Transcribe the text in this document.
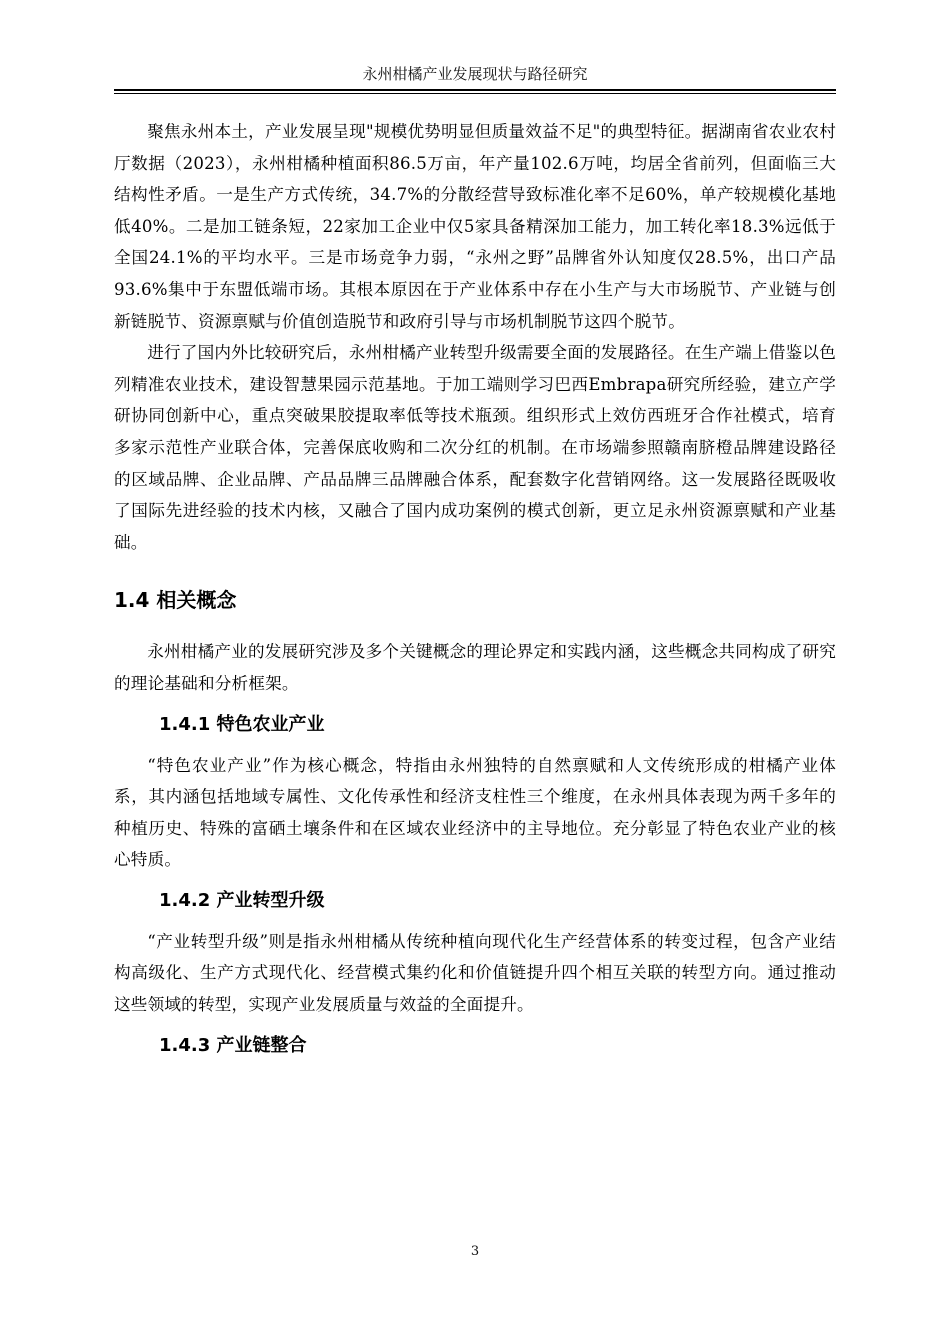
永州柑橘产业发展现状与路径研究

聚焦永州本土，产业发展呈现"规模优势明显但质量效益不足"的典型特征。据湖南省农业农村厅数据（2023），永州柑橘种植面积86.5万亩，年产量102.6万吨，均居全省前列，但面临三大结构性矛盾。一是生产方式传统，34.7%的分散经营导致标准化率不足60%，单产较规模化基地低40%。二是加工链条短，22家加工企业中仅5家具备精深加工能力，加工转化率18.3%远低于全国24.1%的平均水平。三是市场竞争力弱，“永州之野”品牌省外认知度仅28.5%，出口产品93.6%集中于东盟低端市场。其根本原因在于产业体系中存在小生产与大市场脱节、产业链与创新链脱节、资源禀赋与价值创造脱节和政府引导与市场机制脱节这四个脱节。

进行了国内外比较研究后，永州柑橘产业转型升级需要全面的发展路径。在生产端上借鉴以色列精准农业技术，建设智慧果园示范基地。于加工端则学习巴西Embrapa研究所经验，建立产学研协同创新中心，重点突破果胶提取率低等技术瓶颈。组织形式上效仿西班牙合作社模式，培育多家示范性产业联合体，完善保底收购和二次分红的机制。在市场端参照赣南脐橙品牌建设路径的区域品牌、企业品牌、产品品牌三品牌融合体系，配套数字化营销网络。这一发展路径既吸收了国际先进经验的技术内核，又融合了国内成功案例的模式创新，更立足永州资源禀赋和产业基础。

1.4 相关概念

永州柑橘产业的发展研究涉及多个关键概念的理论界定和实践内涵，这些概念共同构成了研究的理论基础和分析框架。

1.4.1 特色农业产业

“特色农业产业”作为核心概念，特指由永州独特的自然禀赋和人文传统形成的柑橘产业体系，其内涵包括地域专属性、文化传承性和经济支柱性三个维度，在永州具体表现为两千多年的种植历史、特殊的富硒土壤条件和在区域农业经济中的主导地位。充分彰显了特色农业产业的核心特质。

1.4.2 产业转型升级

“产业转型升级”则是指永州柑橘从传统种植向现代化生产经营体系的转变过程，包含产业结构高级化、生产方式现代化、经营模式集约化和价值链提升四个相互关联的转型方向。通过推动这些领域的转型，实现产业发展质量与效益的全面提升。

1.4.3 产业链整合
3
